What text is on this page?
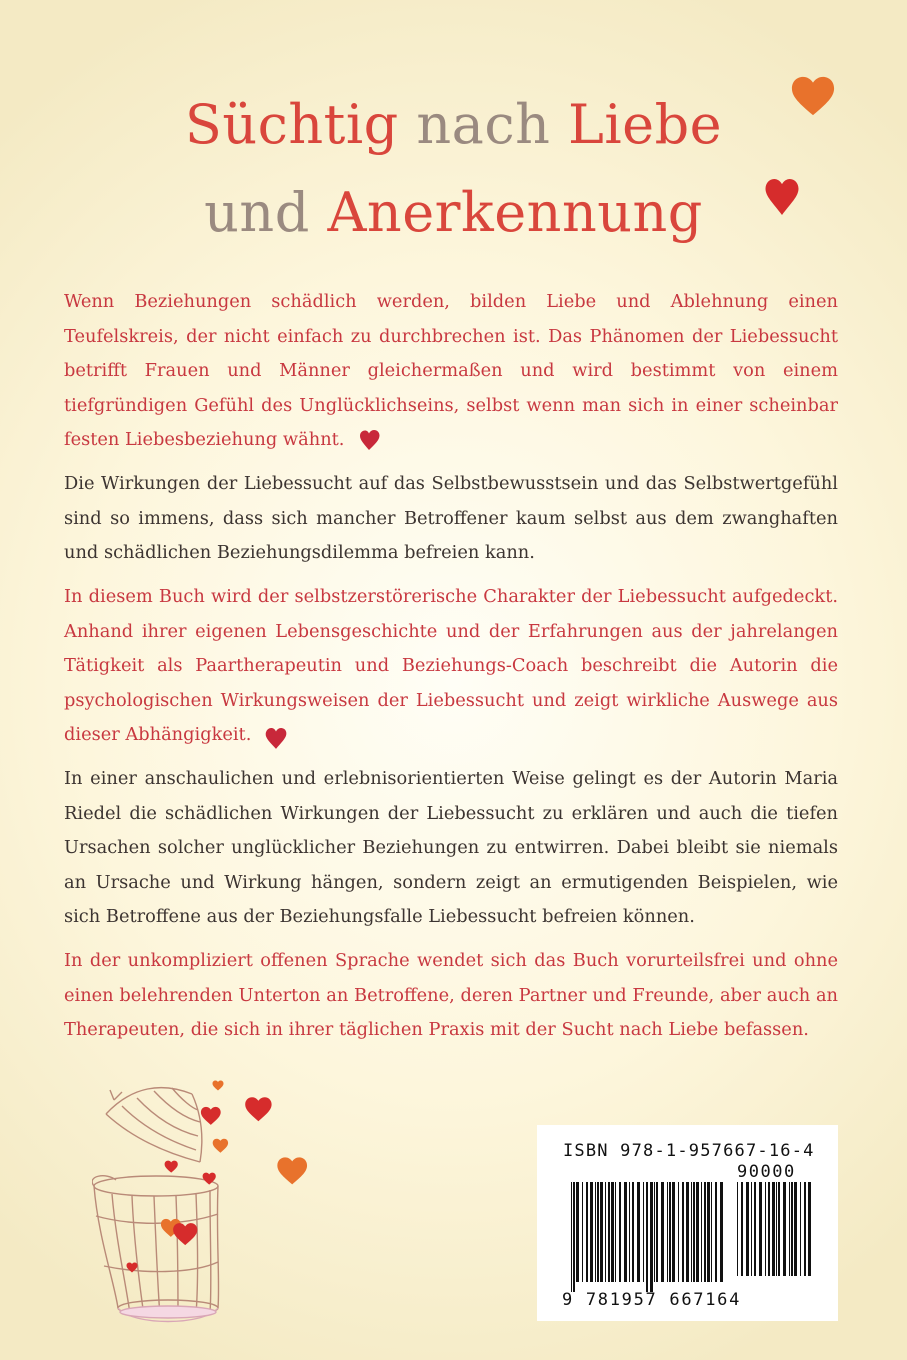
Süchtig nach Liebe
und Anerkennung

Wenn Beziehungen schädlich werden, bilden Liebe und Ablehnung einen Teufelskreis, der nicht einfach zu durchbrechen ist. Das Phänomen der Liebessucht betrifft Frauen und Männer gleichermaßen und wird bestimmt von einem tiefgründigen Gefühl des Unglücklichseins, selbst wenn man sich in einer scheinbar festen Liebesbeziehung wähnt.

Die Wirkungen der Liebessucht auf das Selbstbewusstsein und das Selbstwertgefühl sind so immens, dass sich mancher Betroffener kaum selbst aus dem zwanghaften und schädlichen Beziehungsdilemma befreien kann.

In diesem Buch wird der selbstzerstörerische Charakter der Liebessucht aufgedeckt. Anhand ihrer eigenen Lebensgeschichte und der Erfahrungen aus der jahrelangen Tätigkeit als Paartherapeutin und Beziehungs-Coach beschreibt die Autorin die psychologischen Wirkungsweisen der Liebessucht und zeigt wirkliche Auswege aus dieser Abhängigkeit.

In einer anschaulichen und erlebnisorientierten Weise gelingt es der Autorin Maria Riedel die schädlichen Wirkungen der Liebessucht zu erklären und auch die tiefen Ursachen solcher unglücklicher Beziehungen zu entwirren. Dabei bleibt sie niemals an Ursache und Wirkung hängen, sondern zeigt an ermutigenden Beispielen, wie sich Betroffene aus der Beziehungsfalle Liebessucht befreien können.

In der unkompliziert offenen Sprache wendet sich das Buch vorurteilsfrei und ohne einen belehrenden Unterton an Betroffene, deren Partner und Freunde, aber auch an Therapeuten, die sich in ihrer täglichen Praxis mit der Sucht nach Liebe befassen.

ISBN 978-1-957667-16-4
90000
9 781957 667164
